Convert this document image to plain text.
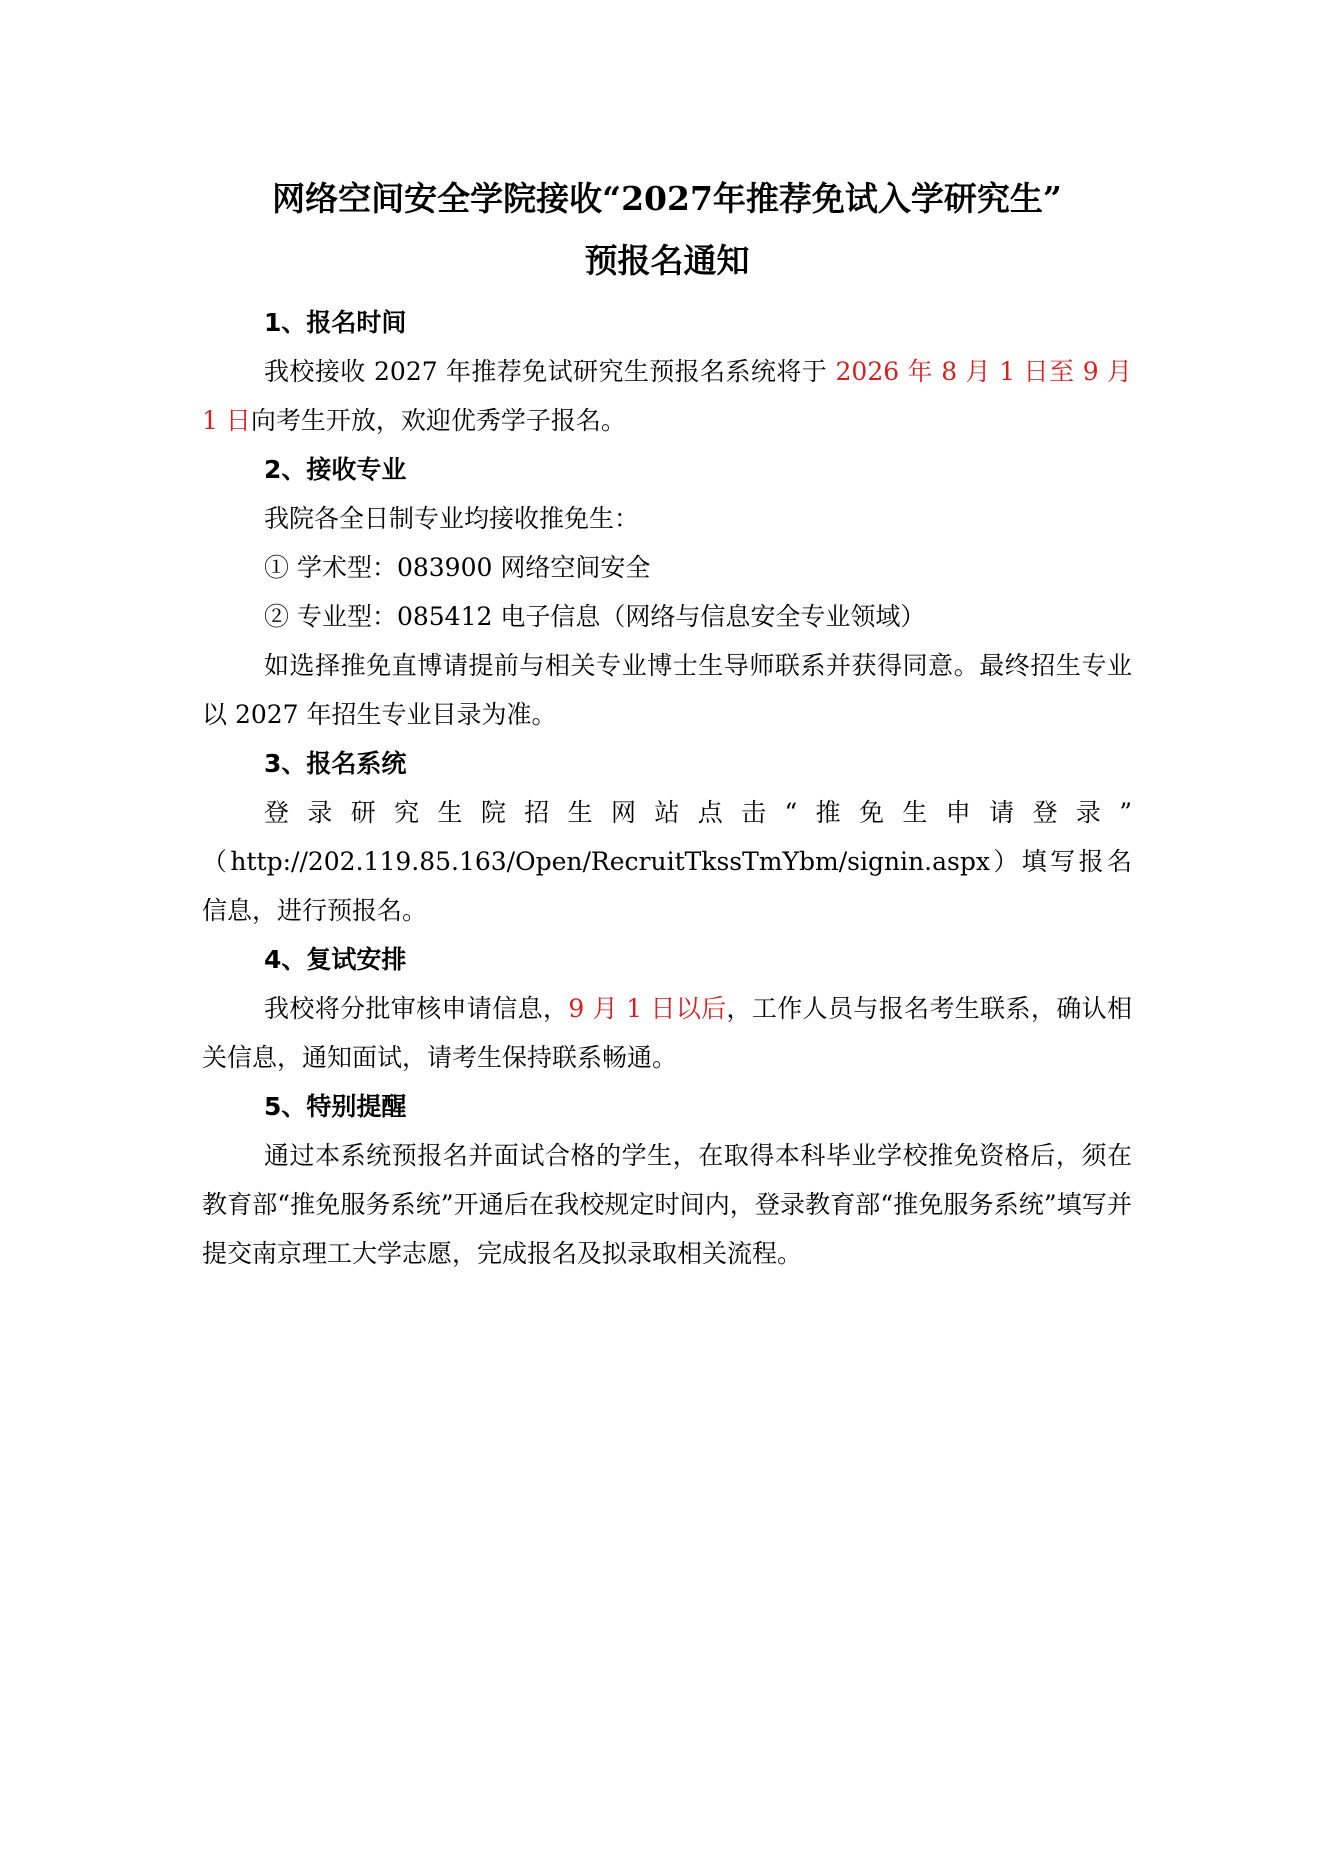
网络空间安全学院接收“2027年推荐免试入学研究生”

预报名通知

1、报名时间

我校接收 2027 年推荐免试研究生预报名系统将于 2026 年 8 月 1 日至 9 月 1 日向考生开放，欢迎优秀学子报名。

2、接收专业

我院各全日制专业均接收推免生：

① 学术型：083900 网络空间安全

② 专业型：085412 电子信息（网络与信息安全专业领域）

如选择推免直博请提前与相关专业博士生导师联系并获得同意。最终招生专业以 2027 年招生专业目录为准。

3、报名系统

登录研究生院招生网站点击“推免生申请登录”

（http://202.119.85.163/Open/RecruitTkssTmYbm/signin.aspx）填写报名信息，进行预报名。

4、复试安排

我校将分批审核申请信息，9 月 1 日以后，工作人员与报名考生联系，确认相关信息，通知面试，请考生保持联系畅通。

5、特别提醒

通过本系统预报名并面试合格的学生，在取得本科毕业学校推免资格后，须在教育部“推免服务系统”开通后在我校规定时间内，登录教育部“推免服务系统”填写并提交南京理工大学志愿，完成报名及拟录取相关流程。
